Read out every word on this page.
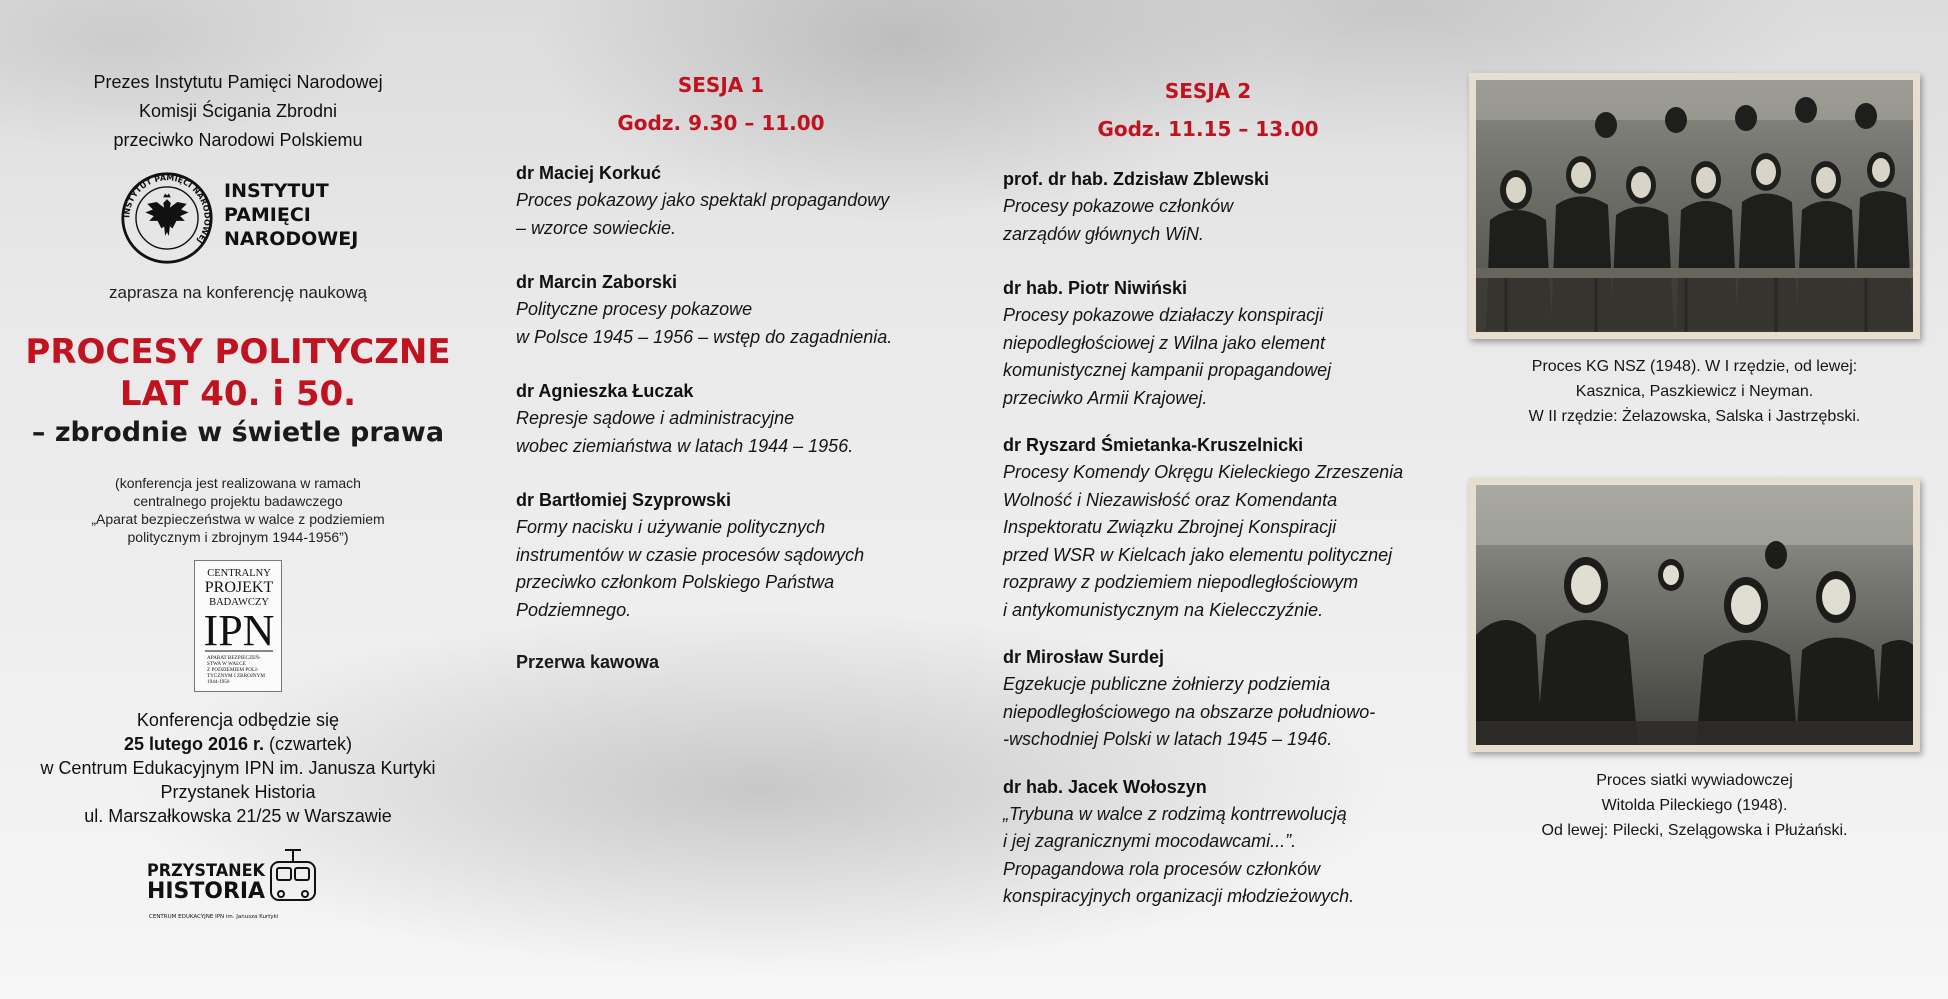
Prezes Instytutu Pamięci Narodowej
Komisji Ścigania Zbrodni
przeciwko Narodowi Polskiemu
INSTYTUT PAMIĘCI NARODOWEJ
INSTYTUT
PAMIĘCI
NARODOWEJ
zaprasza na konferencję naukową
PROCESY POLITYCZNE
LAT 40. i 50.
– zbrodnie w świetle prawa
(konferencja jest realizowana w ramach
centralnego projektu badawczego
„Aparat bezpieczeństwa w walce z podziemiem
politycznym i zbrojnym 1944-1956”)
CENTRALNY
PROJEKT
BADAWCZY
IPN
APARAT BEZPIECZEŃ-
STWA W WALCE
Z PODZIEMIEM POLI-
TYCZNYM I ZBROJNYM
1944-1956
Konferencja odbędzie się
25 lutego 2016 r. (czwartek)
w Centrum Edukacyjnym IPN im. Janusza Kurtyki
Przystanek Historia
ul. Marszałkowska 21/25 w Warszawie
PRZYSTANEK
HISTORIA
CENTRUM EDUKACYJNE IPN im. Janusza Kurtyki
SESJA 1
Godz. 9.30 – 11.00
dr Maciej Korkuć
Proces pokazowy jako spektakl propagandowy
– wzorce sowieckie.
dr Marcin Zaborski
Polityczne procesy pokazowe
w Polsce 1945 – 1956 – wstęp do zagadnienia.
dr Agnieszka Łuczak
Represje sądowe i administracyjne
wobec ziemiaństwa w latach 1944 – 1956.
dr Bartłomiej Szyprowski
Formy nacisku i używanie politycznych
instrumentów w czasie procesów sądowych
przeciwko członkom Polskiego Państwa
Podziemnego.
Przerwa kawowa
SESJA 2
Godz. 11.15 – 13.00
prof. dr hab. Zdzisław Zblewski
Procesy pokazowe członków
zarządów głównych WiN.
dr hab. Piotr Niwiński
Procesy pokazowe działaczy konspiracji
niepodległościowej z Wilna jako element
komunistycznej kampanii propagandowej
przeciwko Armii Krajowej.
dr Ryszard Śmietanka-Kruszelnicki
Procesy Komendy Okręgu Kieleckiego Zrzeszenia
Wolność i Niezawisłość oraz Komendanta
Inspektoratu Związku Zbrojnej Konspiracji
przed WSR w Kielcach jako elementu politycznej
rozprawy z podziemiem niepodległościowym
i antykomunistycznym na Kielecczyźnie.
dr Mirosław Surdej
Egzekucje publiczne żołnierzy podziemia
niepodległościowego na obszarze południowo-
-wschodniej Polski w latach 1945 – 1946.
dr hab. Jacek Wołoszyn
„Trybuna w walce z rodzimą kontrrewolucją
i jej zagranicznymi mocodawcami...”.
Propagandowa rola procesów członków
konspiracyjnych organizacji młodzieżowych.
Proces KG NSZ (1948). W I rzędzie, od lewej:
Kasznica, Paszkiewicz i Neyman.
W II rzędzie: Żelazowska, Salska i Jastrzębski.
Proces siatki wywiadowczej
Witolda Pileckiego (1948).
Od lewej: Pilecki, Szelągowska i Płużański.
